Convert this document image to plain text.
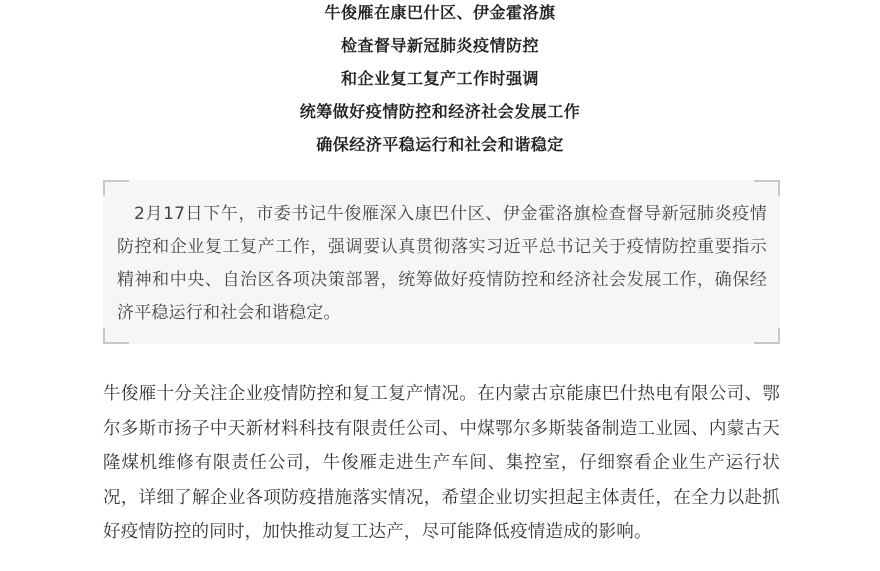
牛俊雁在康巴什区、伊金霍洛旗
检查督导新冠肺炎疫情防控
和企业复工复产工作时强调
统筹做好疫情防控和经济社会发展工作
确保经济平稳运行和社会和谐稳定

2月17日下午，市委书记牛俊雁深入康巴什区、伊金霍洛旗检查督导新冠肺炎疫情防控和企业复工复产工作，强调要认真贯彻落实习近平总书记关于疫情防控重要指示精神和中央、自治区各项决策部署，统筹做好疫情防控和经济社会发展工作，确保经济平稳运行和社会和谐稳定。

牛俊雁十分关注企业疫情防控和复工复产情况。在内蒙古京能康巴什热电有限公司、鄂尔多斯市扬子中天新材料科技有限责任公司、中煤鄂尔多斯装备制造工业园、内蒙古天隆煤机维修有限责任公司，牛俊雁走进生产车间、集控室，仔细察看企业生产运行状况，详细了解企业各项防疫措施落实情况，希望企业切实担起主体责任，在全力以赴抓好疫情防控的同时，加快推动复工达产，尽可能降低疫情造成的影响。
